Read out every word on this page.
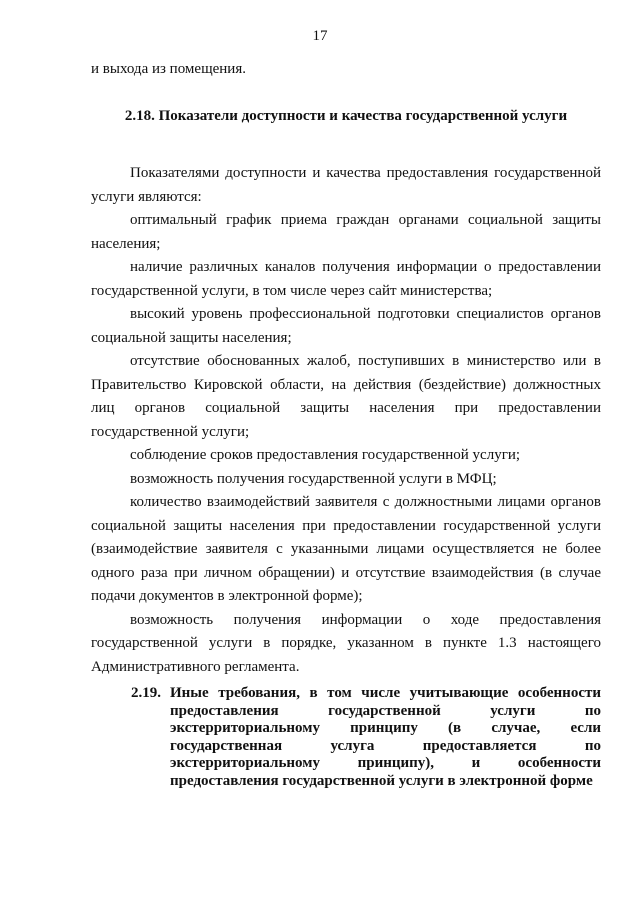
17

и выхода из помещения.

2.18. Показатели доступности и качества государственной услуги

Показателями доступности и качества предоставления государственной услуги являются:

оптимальный график приема граждан органами социальной защиты населения;

наличие различных каналов получения информации о предоставлении государственной услуги, в том числе через сайт министерства;

высокий уровень профессиональной подготовки специалистов органов социальной защиты населения;

отсутствие обоснованных жалоб, поступивших в министерство или в Правительство Кировской области, на действия (бездействие) должностных лиц органов социальной защиты населения при предоставлении государственной услуги;

соблюдение сроков предоставления государственной услуги;

возможность получения государственной услуги в МФЦ;

количество взаимодействий заявителя с должностными лицами органов социальной защиты населения при предоставлении государственной услуги (взаимодействие заявителя с указанными лицами осуществляется не более одного раза при личном обращении) и отсутствие взаимодействия (в случае подачи документов в электронной форме);

возможность получения информации о ходе предоставления государственной услуги в порядке, указанном в пункте 1.3 настоящего Административного регламента.

2.19. Иные требования, в том числе учитывающие особенности предоставления государственной услуги по экстерриториальному принципу (в случае, если государственная услуга предоставляется по экстерриториальному принципу), и особенности предоставления государственной услуги в электронной форме
